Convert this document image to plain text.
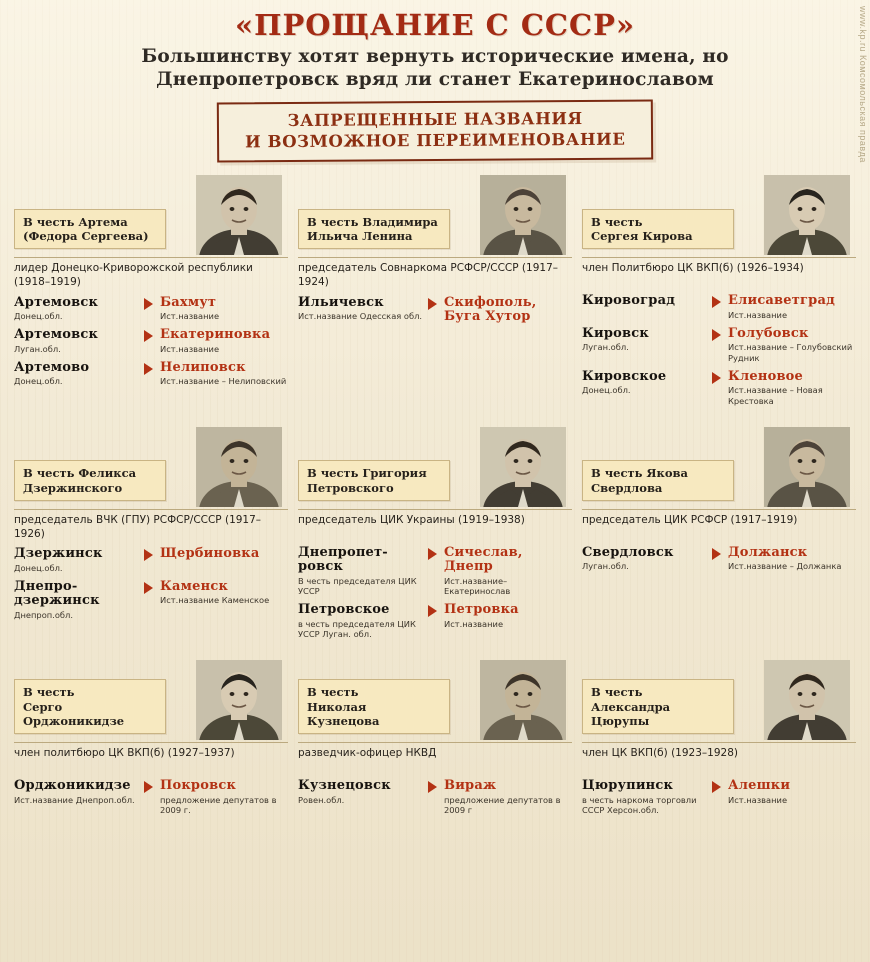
www.kp.ru Комсомольская правда
«ПРОЩАНИЕ С СССР»
Большинству хотят вернуть исторические имена, но
Днепропетровск вряд ли станет Екатеринославом
ЗАПРЕЩЕННЫЕ НАЗВАНИЯ
И ВОЗМОЖНОЕ ПЕРЕИМЕНОВАНИЕ
В честь Артема
(Федора Сергеева)
лидер Донецко-Криворожской республики (1918–1919)
Артемовск
Донец.обл.
Бахмут
Ист.название
Артемовск
Луган.обл.
Екатериновка
Ист.название
Артемово
Донец.обл.
Нелиповск
Ист.название – Нелиповский
В честь Владимира
Ильича Ленина
председатель Совнаркома РСФСР/СССР (1917–1924)
Ильичевск
Ист.название Одесская обл.
Скифополь, Буга Хутор
В честь
Сергея Кирова
член Политбюро ЦК ВКП(б) (1926–1934)
Кировоград	Елисаветград
Ист.название
Кировск
Луган.обл.
Голубовск
Ист.название – Голубовский Рудник
Кировское
Донец.обл.
Кленовое
Ист.название – Новая Крестовка
В честь Феликса
Дзержинского
председатель ВЧК (ГПУ) РСФСР/СССР (1917–1926)
Дзержинск
Донец.обл.
Щербиновка
Днепро-дзержинск
Днепроп.обл.
Каменск
Ист.название Каменское
В честь Григория
Петровского
председатель ЦИК Украины (1919–1938)
Днепропет-ровск
В честь председателя ЦИК УССР
Сичеслав, Днепр
Ист.название– Екатеринослав
Петровское
в честь председателя ЦИК УССР Луган. обл.
Петровка
Ист.название
В честь Якова
Свердлова
председатель ЦИК РСФСР (1917–1919)
Свердловск
Луган.обл.
Должанск
Ист.название – Должанка
В честь
Серго Орджоникидзе
член политбюро ЦК ВКП(б) (1927–1937)
Орджоникидзе
Ист.название Днепроп.обл.
Покровск
предложение депутатов в 2009 г.
В честь
Николая Кузнецова
разведчик-офицер НКВД
Кузнецовск
Ровен.обл.
Вираж
предложение депутатов в 2009 г
В честь Александра
Цюрупы
член ЦК ВКП(б) (1923–1928)
Цюрупинск
в честь наркома торговли СССР Херсон.обл.
Алешки
Ист.название
